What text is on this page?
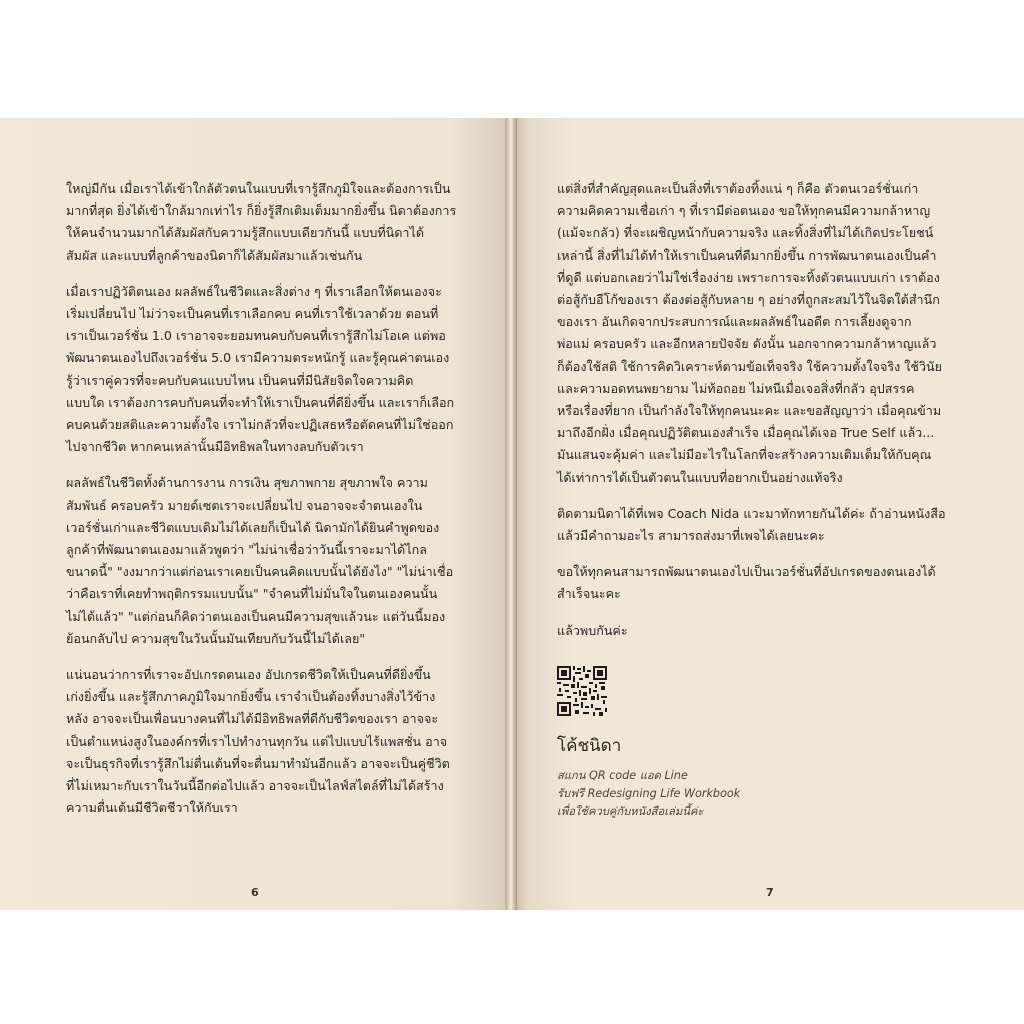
ใหญ่มีกัน เมื่อเราได้เข้าใกล้ตัวตนในแบบที่เรารู้สึกภูมิใจและต้องการเป็น
มากที่สุด ยิ่งได้เข้าใกล้มากเท่าไร ก็ยิ่งรู้สึกเติมเต็มมากยิ่งขึ้น นิดาต้องการ
ให้คนจำนวนมากได้สัมผัสกับความรู้สึกแบบเดียวกันนี้ แบบที่นิดาได้
สัมผัส และแบบที่ลูกค้าของนิดาก็ได้สัมผัสมาแล้วเช่นกัน

เมื่อเราปฏิวัติตนเอง ผลลัพธ์ในชีวิตและสิ่งต่าง ๆ ที่เราเลือกให้ตนเองจะ
เริ่มเปลี่ยนไป ไม่ว่าจะเป็นคนที่เราเลือกคบ คนที่เราใช้เวลาด้วย ตอนที่
เราเป็นเวอร์ชั่น 1.0 เราอาจจะยอมทนคบกับคนที่เรารู้สึกไม่โอเค แต่พอ
พัฒนาตนเองไปถึงเวอร์ชั่น 5.0 เรามีความตระหนักรู้ และรู้คุณค่าตนเอง
รู้ว่าเราคู่ควรที่จะคบกับคนแบบไหน เป็นคนที่มีนิสัยจิตใจความคิด
แบบใด เราต้องการคบกับคนที่จะทำให้เราเป็นคนที่ดียิ่งขึ้น และเราก็เลือก
คบคนด้วยสติและความตั้งใจ เราไม่กลัวที่จะปฏิเสธหรือตัดคนที่ไม่ใช่ออก
ไปจากชีวิต หากคนเหล่านั้นมีอิทธิพลในทางลบกับตัวเรา

ผลลัพธ์ในชีวิตทั้งด้านการงาน การเงิน สุขภาพกาย สุขภาพใจ ความ
สัมพันธ์ ครอบครัว มายด์เซตเราจะเปลี่ยนไป จนอาจจะจำตนเองใน
เวอร์ชั่นเก่าและชีวิตแบบเดิมไม่ได้เลยก็เป็นได้ นิดามักได้ยินคำพูดของ
ลูกค้าที่พัฒนาตนเองมาแล้วพูดว่า "ไม่น่าเชื่อว่าวันนี้เราจะมาได้ไกล
ขนาดนี้" "งงมากว่าแต่ก่อนเราเคยเป็นคนคิดแบบนั้นได้ยังไง" "ไม่น่าเชื่อ
ว่าคือเราที่เคยทำพฤติกรรมแบบนั้น" "จำคนที่ไม่มั่นใจในตนเองคนนั้น
ไม่ได้แล้ว" "แต่ก่อนก็คิดว่าตนเองเป็นคนมีความสุขแล้วนะ แต่วันนี้มอง
ย้อนกลับไป ความสุขในวันนั้นมันเทียบกับวันนี้ไม่ได้เลย"

แน่นอนว่าการที่เราจะอัปเกรดตนเอง อัปเกรดชีวิตให้เป็นคนที่ดียิ่งขึ้น
เก่งยิ่งขึ้น และรู้สึกภาคภูมิใจมากยิ่งขึ้น เราจำเป็นต้องทิ้งบางสิ่งไว้ข้าง
หลัง อาจจะเป็นเพื่อนบางคนที่ไม่ได้มีอิทธิพลที่ดีกับชีวิตของเรา อาจจะ
เป็นตำแหน่งสูงในองค์กรที่เราไปทำงานทุกวัน แต่ไปแบบไร้แพสชั่น อาจ
จะเป็นธุรกิจที่เรารู้สึกไม่ตื่นเต้นที่จะตื่นมาทำมันอีกแล้ว อาจจะเป็นคู่ชีวิต
ที่ไม่เหมาะกับเราในวันนี้อีกต่อไปแล้ว อาจจะเป็นไลฟ์สไตล์ที่ไม่ได้สร้าง
ความตื่นเต้นมีชีวิตชีวาให้กับเรา

6

แต่สิ่งที่สำคัญสุดและเป็นสิ่งที่เราต้องทิ้งแน่ ๆ ก็คือ ตัวตนเวอร์ชั่นเก่า
ความคิดความเชื่อเก่า ๆ ที่เรามีต่อตนเอง ขอให้ทุกคนมีความกล้าหาญ
(แม้จะกลัว) ที่จะเผชิญหน้ากับความจริง และทิ้งสิ่งที่ไม่ได้เกิดประโยชน์
เหล่านี้ สิ่งที่ไม่ได้ทำให้เราเป็นคนที่ดีมากยิ่งขึ้น การพัฒนาตนเองเป็นคำ
ที่ดูดี แต่บอกเลยว่าไม่ใช่เรื่องง่าย เพราะการจะทิ้งตัวตนแบบเก่า เราต้อง
ต่อสู้กับอีโก้ของเรา ต้องต่อสู้กับหลาย ๆ อย่างที่ถูกสะสมไว้ในจิตใต้สำนึก
ของเรา อันเกิดจากประสบการณ์และผลลัพธ์ในอดีต การเลี้ยงดูจาก
พ่อแม่ ครอบครัว และอีกหลายปัจจัย ดังนั้น นอกจากความกล้าหาญแล้ว
ก็ต้องใช้สติ ใช้การคิดวิเคราะห์ตามข้อเท็จจริง ใช้ความตั้งใจจริง ใช้วินัย
และความอดทนพยายาม ไม่ท้อถอย ไม่หนีเมื่อเจอสิ่งที่กลัว อุปสรรค
หรือเรื่องที่ยาก เป็นกำลังใจให้ทุกคนนะคะ และขอสัญญาว่า เมื่อคุณข้าม
มาถึงอีกฝั่ง เมื่อคุณปฏิวัติตนเองสำเร็จ เมื่อคุณได้เจอ True Self แล้ว...
มันแสนจะคุ้มค่า และไม่มีอะไรในโลกที่จะสร้างความเติมเต็มให้กับคุณ
ได้เท่าการได้เป็นตัวตนในแบบที่อยากเป็นอย่างแท้จริง

ติดตามนิดาได้ที่เพจ Coach Nida แวะมาทักทายกันได้ค่ะ ถ้าอ่านหนังสือ
แล้วมีคำถามอะไร สามารถส่งมาที่เพจได้เลยนะคะ

ขอให้ทุกคนสามารถพัฒนาตนเองไปเป็นเวอร์ชั่นที่อัปเกรดของตนเองได้
สำเร็จนะคะ

แล้วพบกันค่ะ

โค้ชนิดา
สแกน QR code แอด Line
รับฟรี Redesigning Life Workbook
เพื่อใช้ควบคู่กับหนังสือเล่มนี้ค่ะ
7
